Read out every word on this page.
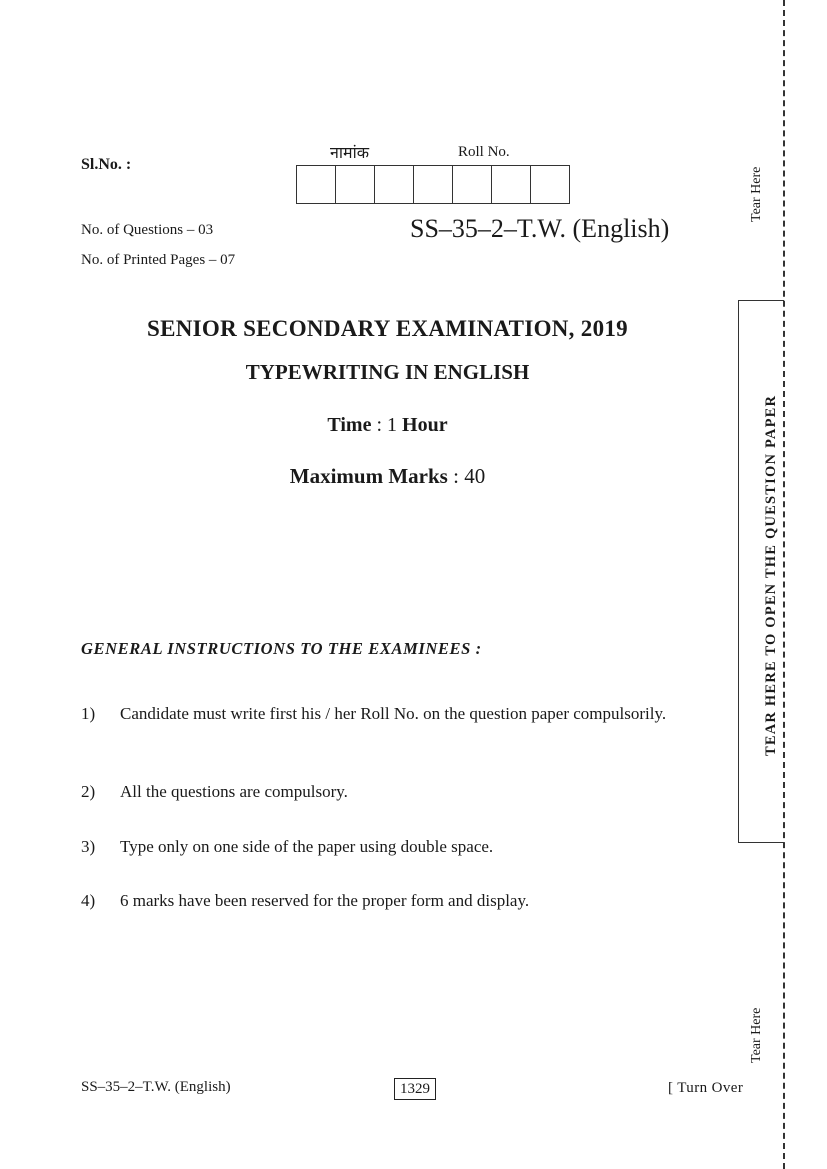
Sl.No. :
नामांक	Roll No.
No. of Questions – 03
No. of Printed Pages – 07
SS–35–2–T.W. (English)
SENIOR SECONDARY EXAMINATION, 2019
TYPEWRITING IN ENGLISH
Time : 1 Hour
Maximum Marks : 40
GENERAL INSTRUCTIONS TO THE EXAMINEES :
1) Candidate must write first his / her Roll No. on the question paper compulsorily.
2) All the questions are compulsory.
3) Type only on one side of the paper using double space.
4) 6 marks have been reserved for the proper form and display.
SS–35–2–T.W. (English)	1329	[ Turn Over
Tear Here
TEAR HERE TO OPEN THE QUESTION PAPER
Tear Here
